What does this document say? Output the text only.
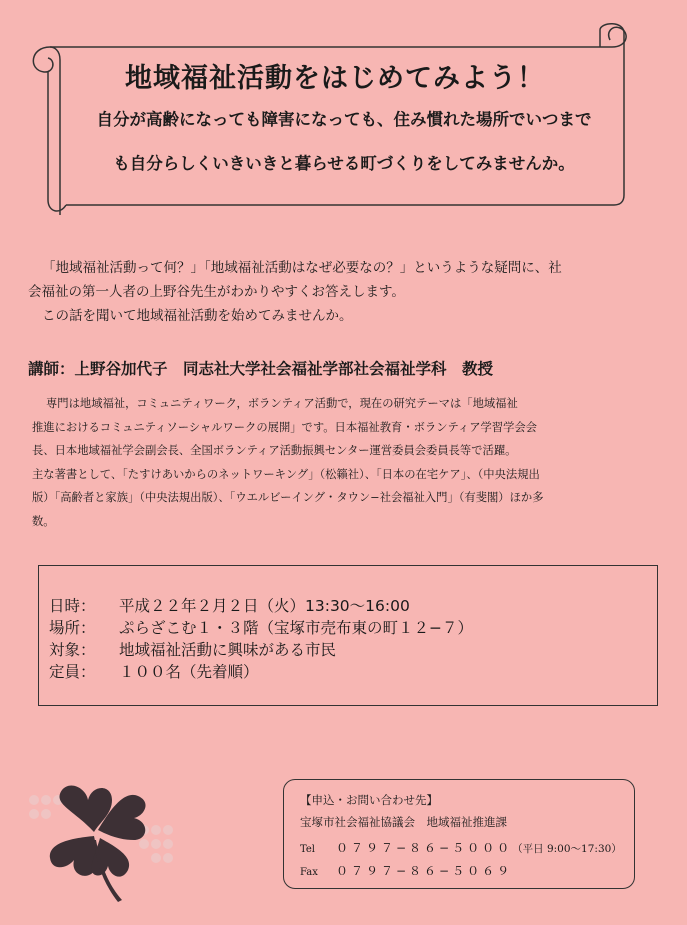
地域福祉活動をはじめてみよう！
自分が高齢になっても障害になっても、住み慣れた場所でいつまで
も自分らしくいきいきと暮らせる町づくりをしてみませんか。

「地域福祉活動って何？」「地域福祉活動はなぜ必要なの？」というような疑問に、社

会福祉の第一人者の上野谷先生がわかりやすくお答えします。

この話を聞いて地域福祉活動を始めてみませんか。

講師：上野谷加代子　同志社大学社会福祉学部社会福祉学科　教授

専門は地域福祉，コミュニティワーク，ボランティア活動で，現在の研究テーマは「地域福祉

推進におけるコミュニティソーシャルワークの展開」です。日本福祉教育・ボランティア学習学会会

長、日本地域福祉学会副会長、全国ボランティア活動振興センター運営委員会委員長等で活躍。

主な著書として、「たすけあいからのネットワーキング」（松籟社）、「日本の在宅ケア」、（中央法規出

版）「高齢者と家族」（中央法規出版）、「ウエルビーイング・タウン−社会福祉入門」（有斐閣）ほか多

数。

日時： 平成２２年２月２日（火）13:30〜16:00
場所： ぷらざこむ１・３階（宝塚市売布東の町１２−７）
対象： 地域福祉活動に興味がある市民
定員： １００名（先着順）
【申込・お問い合わせ先】
宝塚市社会福祉協議会　地域福祉推進課
Tel ０７９７−８６−５０００（平日 9:00〜17:30）
Fax ０７９７−８６−５０６９
